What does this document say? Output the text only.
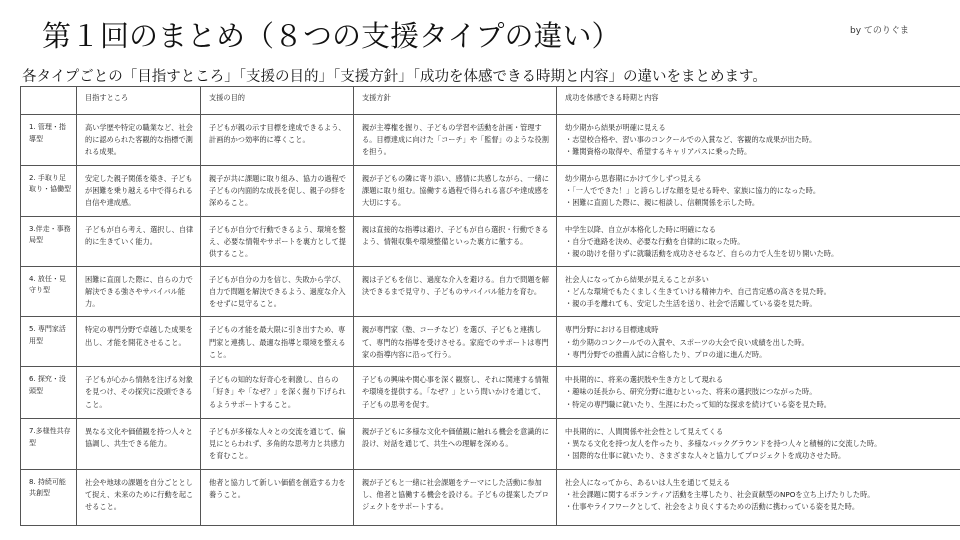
第１回のまとめ（８つの支援タイプの違い）	by てのりぐま
各タイプごとの「目指すところ」「支援の目的」「支援方針」「成功を体感できる時期と内容」の違いをまとめます。
	目指すところ	支援の目的	支援方針	成功を体感できる時期と内容
1. 管理・指導型	高い学歴や特定の職業など、社会的に認められた客観的な指標で測れる成果。	子どもが親の示す目標を達成できるよう、計画的かつ効率的に導くこと。	親が主導権を握り、子どもの学習や活動を計画・管理する。目標達成に向けた「コーチ」や「監督」のような役割を担う。	幼少期から結果が明確に見える
・志望校合格や、習い事のコンクールでの入賞など、客観的な成果が出た時。
・難関資格の取得や、希望するキャリアパスに乗った時。
2. 手取り足取り・協働型	安定した親子関係を築き、子どもが困難を乗り越える中で得られる自信や達成感。	親子が共に課題に取り組み、協力の過程で子どもの内面的な成長を促し、親子の絆を深めること。	親が子どもの隣に寄り添い、感情に共感しながら、一緒に課題に取り組む。協働する過程で得られる喜びや達成感を大切にする。	幼少期から思春期にかけて少しずつ見える
・「一人でできた！」と誇らしげな顔を見せる時や、家族に協力的になった時。
・困難に直面した際に、親に相談し、信頼関係を示した時。
3.伴走・事務局型	子どもが自ら考え、選択し、自律的に生きていく能力。	子どもが自分で行動できるよう、環境を整え、必要な情報やサポートを裏方として提供すること。	親は直接的な指導は避け、子どもが自ら選択・行動できるよう、情報収集や環境整備といった裏方に徹する。	中学生以降、自立が本格化した時に明確になる
・自分で進路を決め、必要な行動を自律的に取った時。
・親の助けを借りずに就職活動を成功させるなど、自らの力で人生を切り開いた時。
4. 放任・見守り型	困難に直面した際に、自らの力で解決できる強さやサバイバル能力。	子どもが自分の力を信じ、失敗から学び、自力で問題を解決できるよう、過度な介入をせずに見守ること。	親は子どもを信じ、過度な介入を避ける。自力で問題を解決できるまで見守り、子どものサバイバル能力を育む。	社会人になってから結果が見えることが多い
・どんな環境でもたくましく生きていける精神力や、自己肯定感の高さを見た時。
・親の手を離れても、安定した生活を送り、社会で活躍している姿を見た時。
5. 専門家活用型	特定の専門分野で卓越した成果を出し、才能を開花させること。	子どもの才能を最大限に引き出すため、専門家と連携し、最適な指導と環境を整えること。	親が専門家（塾、コーチなど）を選び、子どもと連携して、専門的な指導を受けさせる。家庭でのサポートは専門家の指導内容に沿って行う。	専門分野における目標達成時
・幼少期のコンクールでの入賞や、スポーツの大会で良い成績を出した時。
・専門分野での推薦入試に合格したり、プロの道に進んだ時。
6. 探究・没頭型	子どもが心から情熱を注げる対象を見つけ、その探究に没頭できること。	子どもの知的な好奇心を刺激し、自らの「好き」や「なぜ？」を深く掘り下げられるようサポートすること。	子どもの興味や関心事を深く観察し、それに関連する情報や環境を提供する。「なぜ？」という問いかけを通じて、子どもの思考を促す。	中長期的に、将来の選択肢や生き方として現れる
・趣味の延長から、研究分野に進むといった、将来の選択肢につながった時。
・特定の専門職に就いたり、生涯にわたって知的な探求を続けている姿を見た時。
7.多様性共存型	異なる文化や価値観を持つ人々と協調し、共生できる能力。	子どもが多様な人々との交流を通じて、偏見にとらわれず、多角的な思考力と共感力を育むこと。	親が子どもに多様な文化や価値観に触れる機会を意識的に設け、対話を通じて、共生への理解を深める。	中長期的に、人間関係や社会性として見えてくる
・異なる文化を持つ友人を作ったり、多様なバックグラウンドを持つ人々と積極的に交流した時。
・国際的な仕事に就いたり、さまざまな人々と協力してプロジェクトを成功させた時。
8. 持続可能共創型	社会や地球の課題を自分ごととして捉え、未来のために行動を起こせること。	他者と協力して新しい価値を創造する力を養うこと。	親が子どもと一緒に社会課題をテーマにした活動に参加し、他者と協働する機会を設ける。子どもの提案したプロジェクトをサポートする。	社会人になってから、あるいは人生を通じて見える
・社会課題に関するボランティア活動を主導したり、社会貢献型のNPOを立ち上げたりした時。
・仕事やライフワークとして、社会をより良くするための活動に携わっている姿を見た時。
